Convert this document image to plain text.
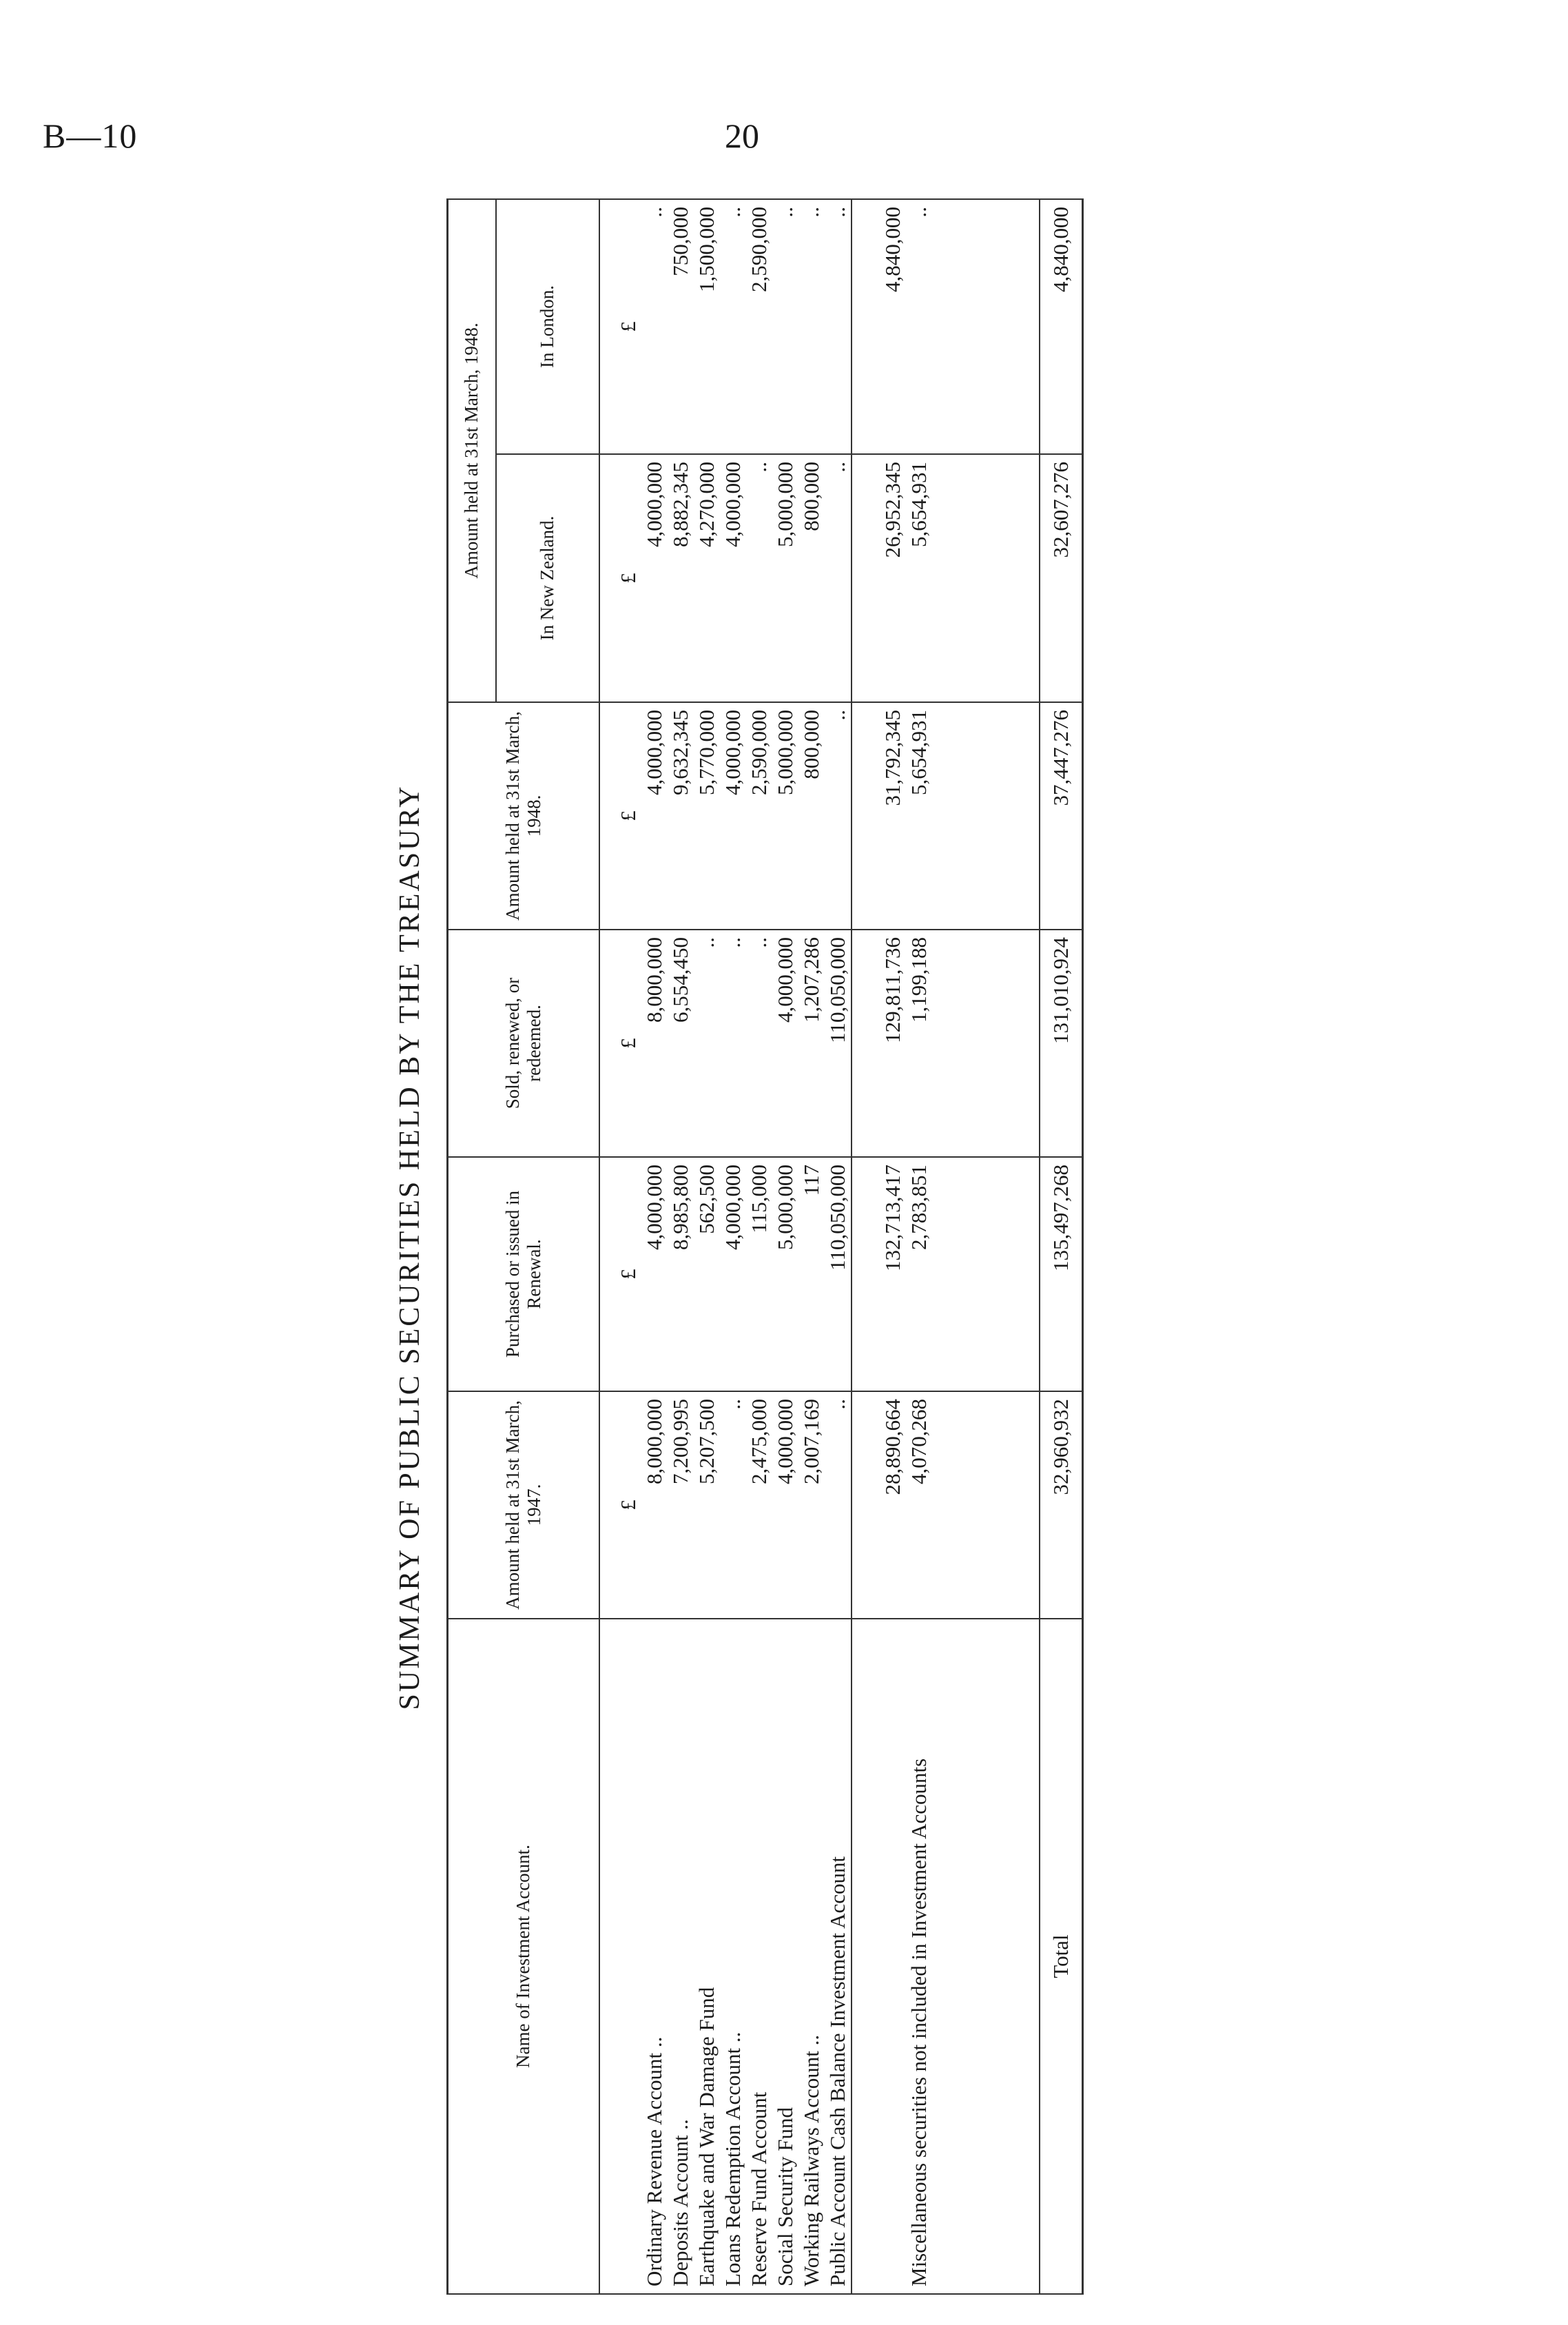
B—10	20
SUMMARY OF PUBLIC SECURITIES HELD BY THE TREASURY
Name of Investment Account.	Amount held at 31st March, 1947.	Purchased or issued in Renewal.	Sold, renewed, or redeemed.	Amount held at 31st March, 1948.	Amount held at 31st March, 1948.	
					In New Zealand.	In London.
	£	£	£	£	£	£
Ordinary Revenue Account ..	8,000,000	4,000,000	8,000,000	4,000,000	4,000,000	..
Deposits Account ..	7,200,995	8,985,800	6,554,450	9,632,345	8,882,345	750,000
Earthquake and War Damage Fund	5,207,500	562,500	..	5,770,000	4,270,000	1,500,000
Loans Redemption Account ..	..	4,000,000	..	4,000,000	4,000,000	..
Reserve Fund Account	2,475,000	115,000	..	2,590,000	..	2,590,000
Social Security Fund	4,000,000	5,000,000	4,000,000	5,000,000	5,000,000	..
Working Railways Account ..	2,007,169	117	1,207,286	800,000	800,000	..
Public Account Cash Balance Investment Account	..	110,050,000	110,050,000	..	..	..
	28,890,664	132,713,417	129,811,736	31,792,345	26,952,345	4,840,000
Miscellaneous securities not included in Investment Accounts	4,070,268	2,783,851	1,199,188	5,654,931	5,654,931	..

Total	32,960,932	135,497,268	131,010,924	37,447,276	32,607,276	4,840,000
